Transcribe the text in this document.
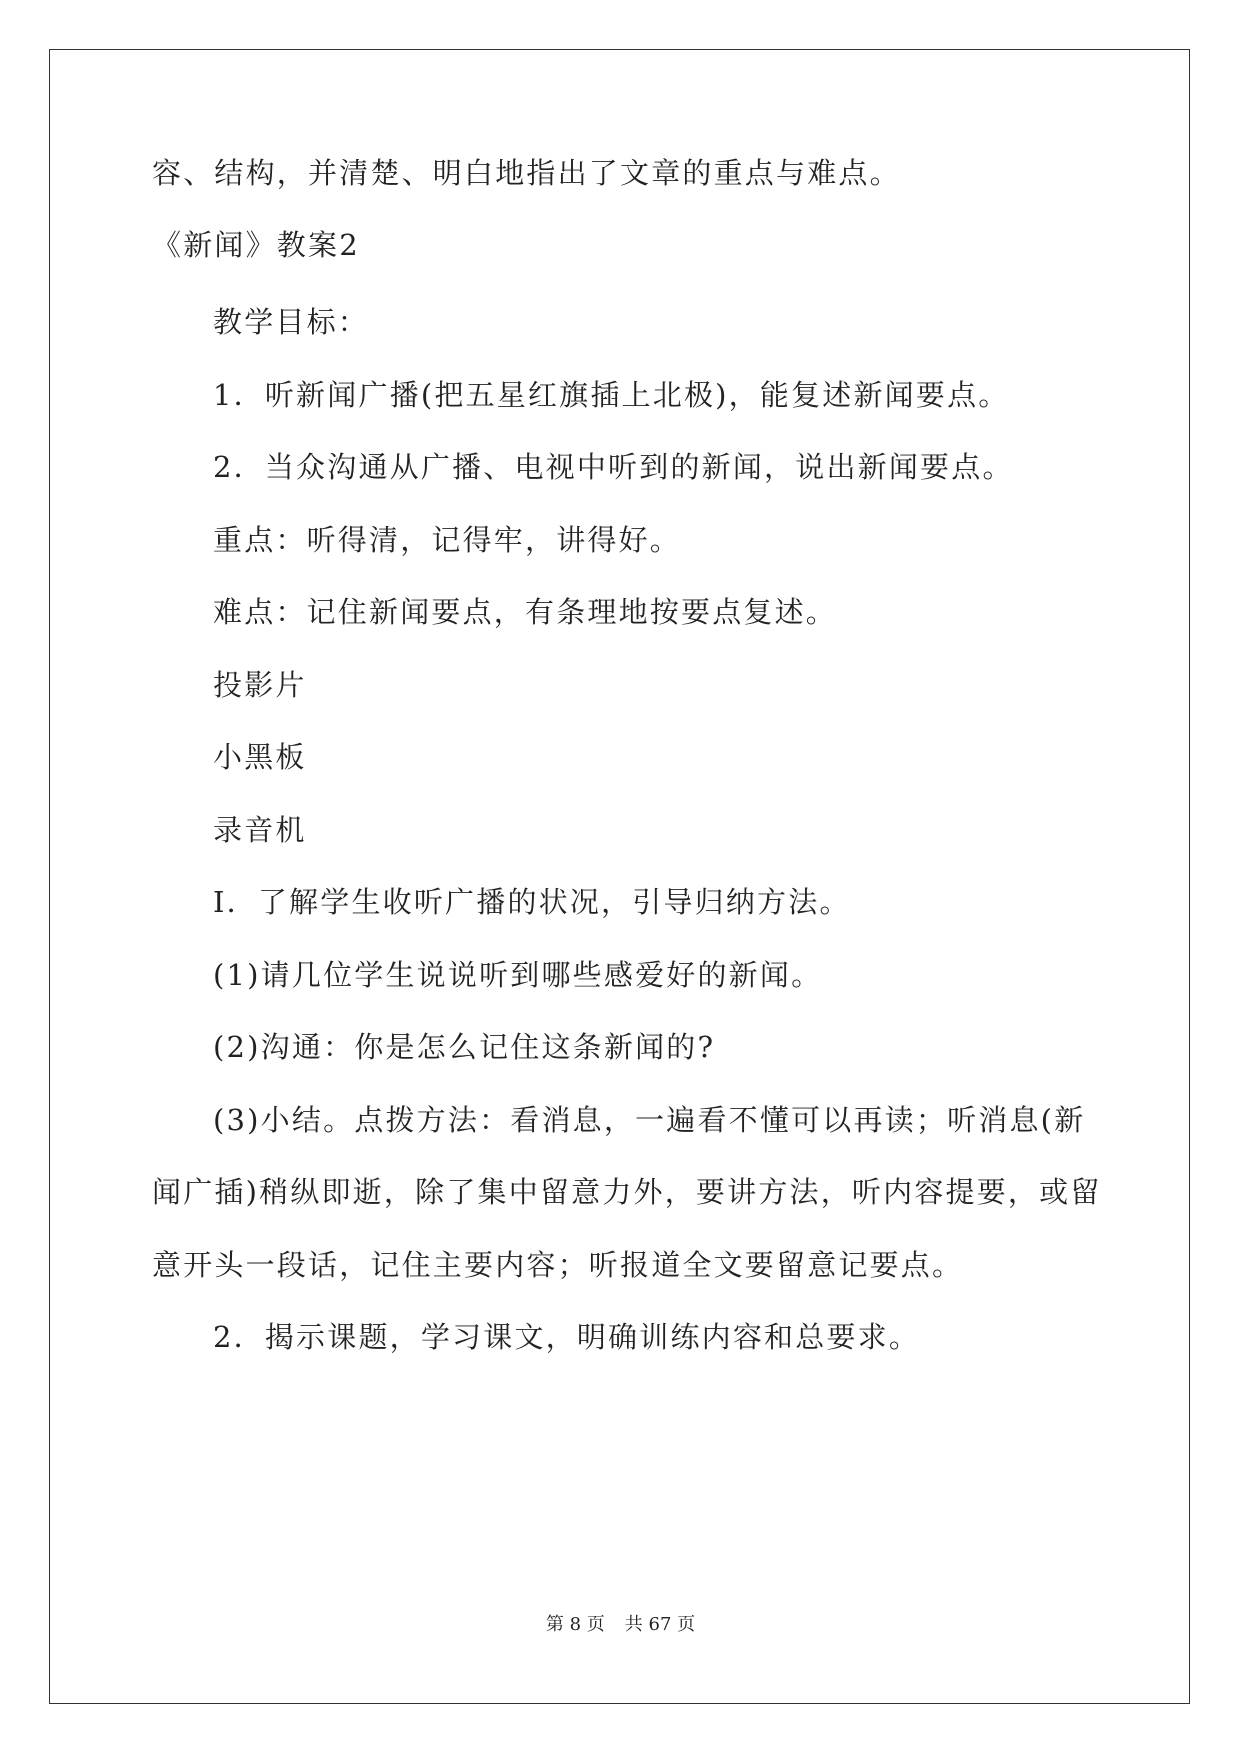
容、结构，并清楚、明白地指出了文章的重点与难点。
《新闻》教案2
教学目标：
1．听新闻广播(把五星红旗插上北极)，能复述新闻要点。
2．当众沟通从广播、电视中听到的新闻，说出新闻要点。
重点：听得清，记得牢，讲得好。
难点：记住新闻要点，有条理地按要点复述。
投影片
小黑板
录音机
I．了解学生收听广播的状况，引导归纳方法。
(1)请几位学生说说听到哪些感爱好的新闻。
(2)沟通：你是怎么记住这条新闻的?
(3)小结。点拨方法：看消息，一遍看不懂可以再读；听消息(新
闻广插)稍纵即逝，除了集中留意力外，要讲方法，听内容提要，或留
意开头一段话，记住主要内容；听报道全文要留意记要点。
2．揭示课题，学习课文，明确训练内容和总要求。
第 8 页 共 67 页
